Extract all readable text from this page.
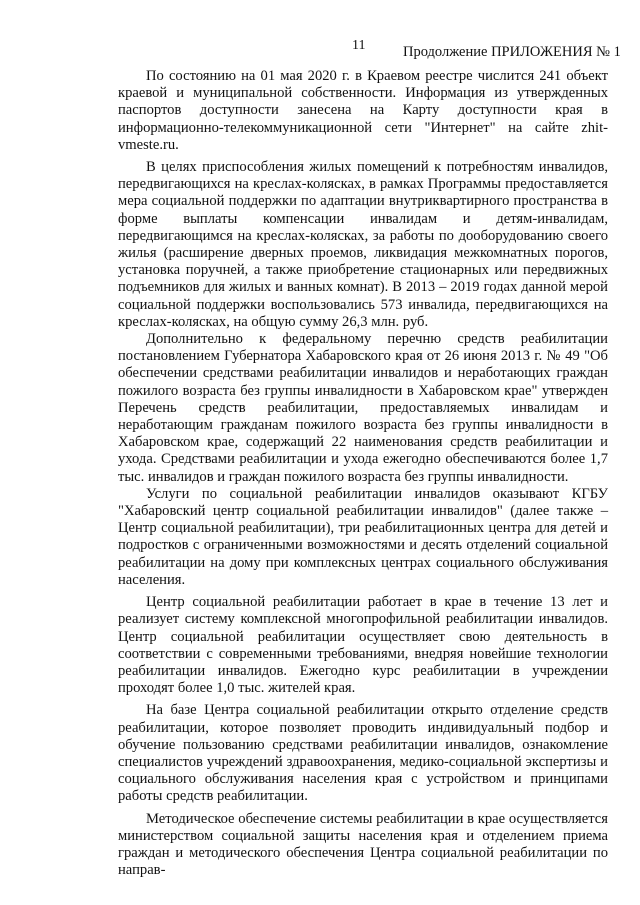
11	Продолжение ПРИЛОЖЕНИЯ № 1

По состоянию на 01 мая 2020 г. в Краевом реестре числится 241 объект краевой и муниципальной собственности. Информация из утвержденных паспортов доступности занесена на Карту доступности края в информационно-телекоммуникационной сети "Интернет" на сайте zhit-vmeste.ru.

В целях приспособления жилых помещений к потребностям инвалидов, передвигающихся на креслах-колясках, в рамках Программы предоставляется мера социальной поддержки по адаптации внутриквартирного пространства в форме выплаты компенсации инвалидам и детям-инвалидам, передвигающимся на креслах-колясках, за работы по дооборудованию своего жилья (расширение дверных проемов, ликвидация межкомнатных порогов, установка поручней, а также приобретение стационарных или передвижных подъемников для жилых и ванных комнат). В 2013 – 2019 годах данной мерой социальной поддержки воспользовались 573 инвалида, передвигающихся на креслах-колясках, на общую сумму 26,3 млн. руб.

Дополнительно к федеральному перечню средств реабилитации постановлением Губернатора Хабаровского края от 26 июня 2013 г. № 49 "Об обеспечении средствами реабилитации инвалидов и неработающих граждан пожилого возраста без группы инвалидности в Хабаровском крае" утвержден Перечень средств реабилитации, предоставляемых инвалидам и неработающим гражданам пожилого возраста без группы инвалидности в Хабаровском крае, содержащий 22 наименования средств реабилитации и ухода. Средствами реабилитации и ухода ежегодно обеспечиваются более 1,7 тыс. инвалидов и граждан пожилого возраста без группы инвалидности.

Услуги по социальной реабилитации инвалидов оказывают КГБУ "Хабаровский центр социальной реабилитации инвалидов" (далее также – Центр социальной реабилитации), три реабилитационных центра для детей и подростков с ограниченными возможностями и десять отделений социальной реабилитации на дому при комплексных центрах социального обслуживания населения.

Центр социальной реабилитации работает в крае в течение 13 лет и реализует систему комплексной многопрофильной реабилитации инвалидов. Центр социальной реабилитации осуществляет свою деятельность в соответствии с современными требованиями, внедряя новейшие технологии реабилитации инвалидов. Ежегодно курс реабилитации в учреждении проходят более 1,0 тыс. жителей края.

На базе Центра социальной реабилитации открыто отделение средств реабилитации, которое позволяет проводить индивидуальный подбор и обучение пользованию средствами реабилитации инвалидов, ознакомление специалистов учреждений здравоохранения, медико-социальной экспертизы и социального обслуживания населения края с устройством и принципами работы средств реабилитации.

Методическое обеспечение системы реабилитации в крае осуществляется министерством социальной защиты населения края и отделением приема граждан и методического обеспечения Центра социальной реабилитации по направ-
